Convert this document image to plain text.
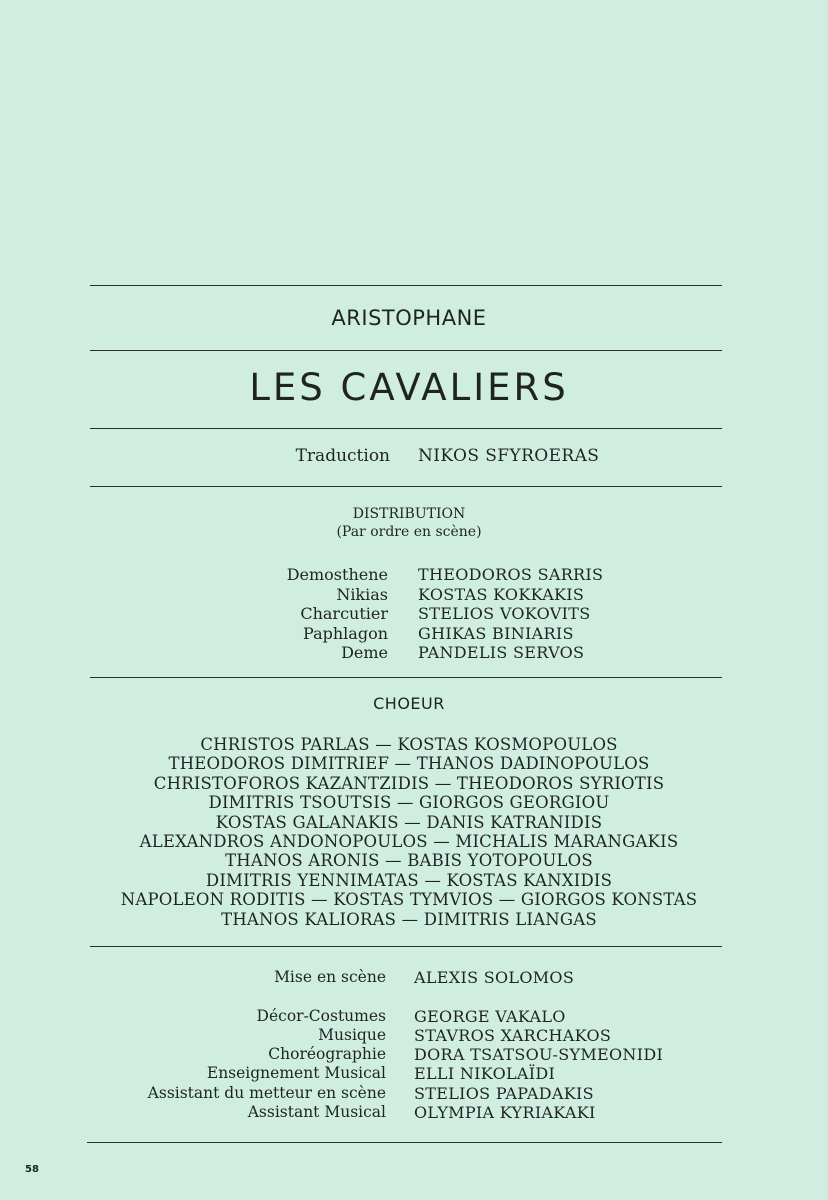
ARISTOPHANE
LES CAVALIERS
Traduction NIKOS SFYROERAS
DISTRIBUTION
(Par ordre en scène)
Demosthene
Nikias
Charcutier
Paphlagon
Deme
THEODOROS SARRIS
KOSTAS KOKKAKIS
STELIOS VOKOVITS
GHIKAS BINIARIS
PANDELIS SERVOS
CHOEUR
CHRISTOS PARLAS — KOSTAS KOSMOPOULOS
THEODOROS DIMITRIEF — THANOS DADINOPOULOS
CHRISTOFOROS KAZANTZIDIS — THEODOROS SYRIOTIS
DIMITRIS TSOUTSIS — GIORGOS GEORGIOU
KOSTAS GALANAKIS — DANIS KATRANIDIS
ALEXANDROS ANDONOPOULOS — MICHALIS MARANGAKIS
THANOS ARONIS — BABIS YOTOPOULOS
DIMITRIS YENNIMATAS — KOSTAS KANXIDIS
NAPOLEON RODITIS — KOSTAS TYMVIOS — GIORGOS KONSTAS
THANOS KALIORAS — DIMITRIS LIANGAS
Mise en scène
Décor-Costumes
Musique
Choréographie
Enseignement Musical
Assistant du metteur en scène
Assistant Musical
ALEXIS SOLOMOS
GEORGE VAKALO
STAVROS XARCHAKOS
DORA TSATSOU-SYMEONIDI
ELLI NIKOLAÏDI
STELIOS PAPADAKIS
OLYMPIA KYRIAKAKI
58
